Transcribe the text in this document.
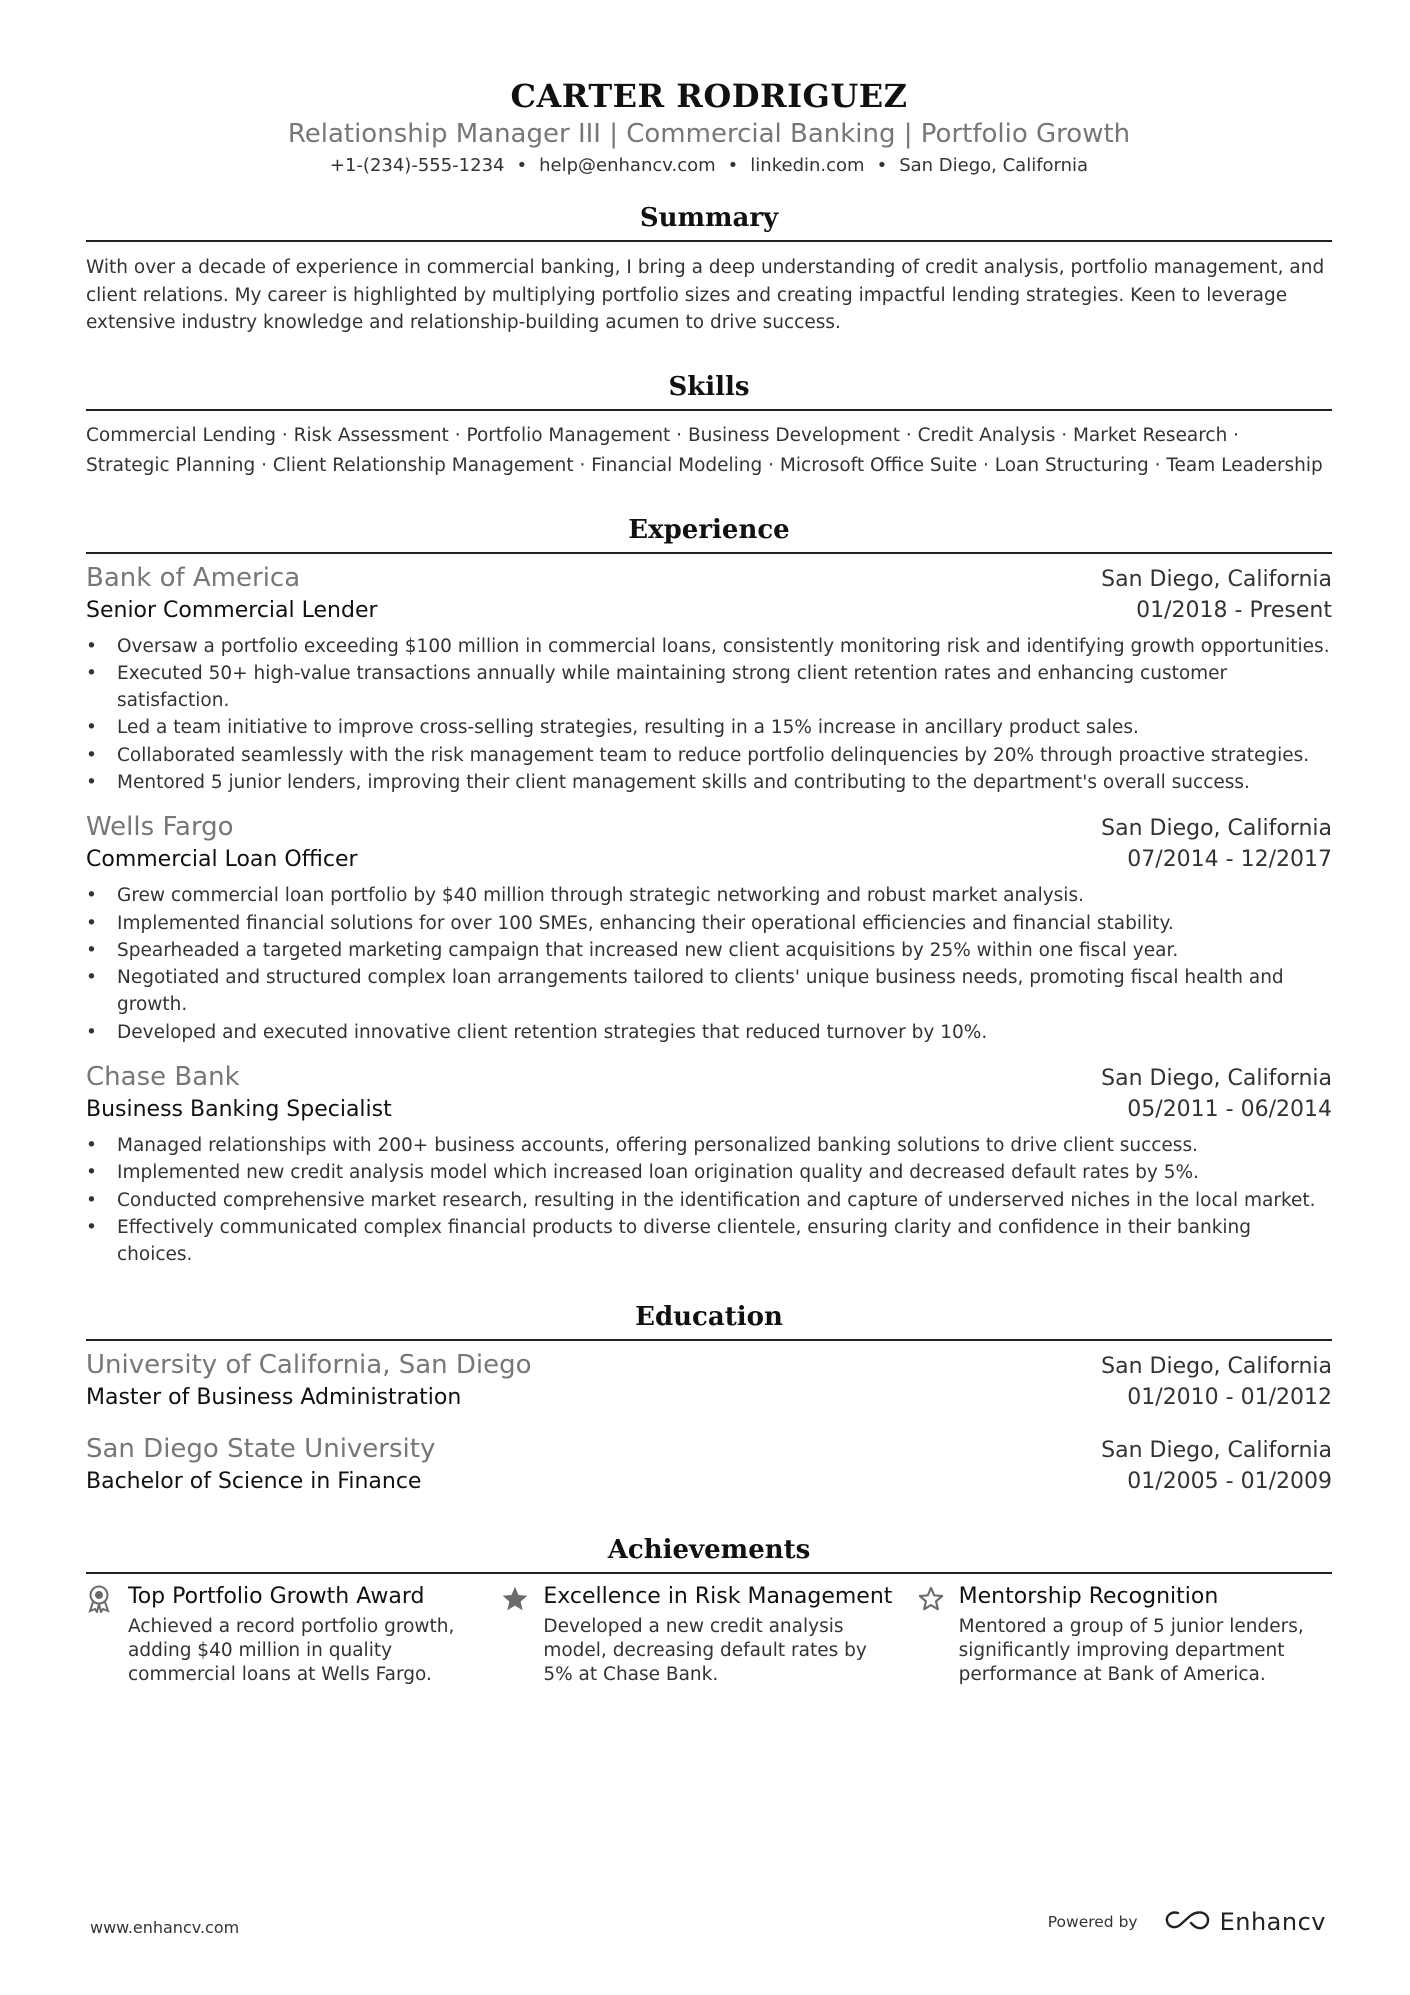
CARTER RODRIGUEZ
Relationship Manager III | Commercial Banking | Portfolio Growth
+1-(234)-555-1234 • help@enhancv.com • linkedin.com • San Diego, California
Summary
With over a decade of experience in commercial banking, I bring a deep understanding of credit analysis, portfolio management, and client relations. My career is highlighted by multiplying portfolio sizes and creating impactful lending strategies. Keen to leverage extensive industry knowledge and relationship-building acumen to drive success.
Skills
Commercial Lending · Risk Assessment · Portfolio Management · Business Development · Credit Analysis · Market Research ·
Strategic Planning · Client Relationship Management · Financial Modeling · Microsoft Office Suite · Loan Structuring · Team Leadership
Experience
Bank of America	San Diego, California
Senior Commercial Lender	01/2018 - Present
• Oversaw a portfolio exceeding $100 million in commercial loans, consistently monitoring risk and identifying growth opportunities.
• Executed 50+ high-value transactions annually while maintaining strong client retention rates and enhancing customer satisfaction.
• Led a team initiative to improve cross-selling strategies, resulting in a 15% increase in ancillary product sales.
• Collaborated seamlessly with the risk management team to reduce portfolio delinquencies by 20% through proactive strategies.
• Mentored 5 junior lenders, improving their client management skills and contributing to the department's overall success.
Wells Fargo	San Diego, California
Commercial Loan Officer	07/2014 - 12/2017
• Grew commercial loan portfolio by $40 million through strategic networking and robust market analysis.
• Implemented financial solutions for over 100 SMEs, enhancing their operational efficiencies and financial stability.
• Spearheaded a targeted marketing campaign that increased new client acquisitions by 25% within one fiscal year.
• Negotiated and structured complex loan arrangements tailored to clients' unique business needs, promoting fiscal health and growth.
• Developed and executed innovative client retention strategies that reduced turnover by 10%.
Chase Bank	San Diego, California
Business Banking Specialist	05/2011 - 06/2014
• Managed relationships with 200+ business accounts, offering personalized banking solutions to drive client success.
• Implemented new credit analysis model which increased loan origination quality and decreased default rates by 5%.
• Conducted comprehensive market research, resulting in the identification and capture of underserved niches in the local market.
• Effectively communicated complex financial products to diverse clientele, ensuring clarity and confidence in their banking choices.
Education
University of California, San Diego	San Diego, California
Master of Business Administration	01/2010 - 01/2012
San Diego State University	San Diego, California
Bachelor of Science in Finance	01/2005 - 01/2009
Achievements
Top Portfolio Growth Award
Achieved a record portfolio growth, adding $40 million in quality commercial loans at Wells Fargo.
Excellence in Risk Management
Developed a new credit analysis model, decreasing default rates by 5% at Chase Bank.
Mentorship Recognition
Mentored a group of 5 junior lenders, significantly improving department performance at Bank of America.
www.enhancv.com	Powered by	Enhancv
